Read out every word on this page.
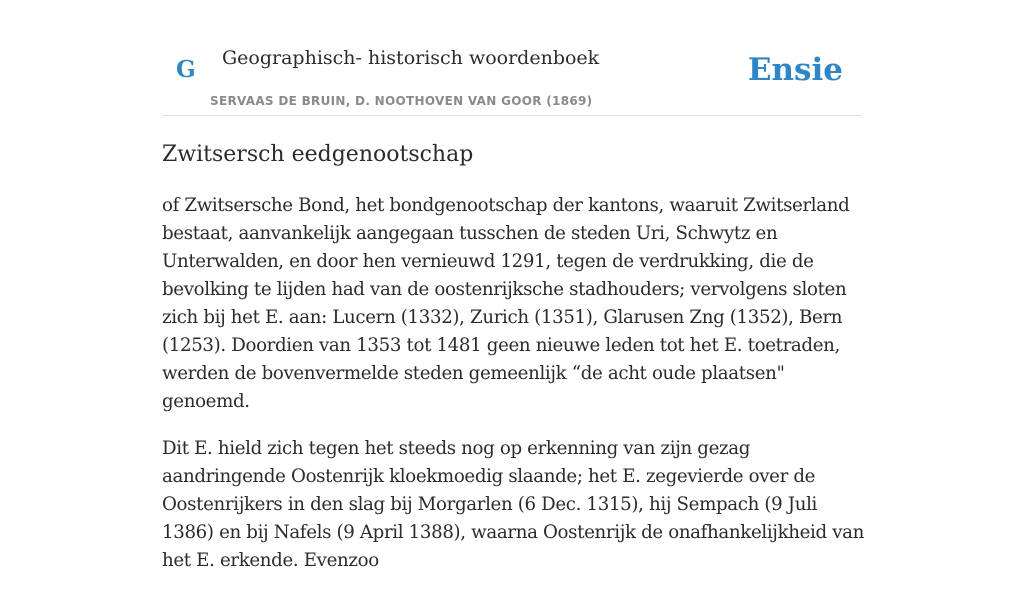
G Geographisch- historisch woordenboek
SERVAAS DE BRUIN, D. NOOTHOVEN VAN GOOR (1869)
Ensie
Zwitsersch eedgenootschap

of Zwitsersche Bond, het bondgenootschap der kantons, waaruit Zwitserland bestaat, aanvankelijk aangegaan tusschen de steden Uri, Schwytz en Unterwalden, en door hen vernieuwd 1291, tegen de verdrukking, die de bevolking te lijden had van de oostenrijksche stadhouders; vervolgens sloten zich bij het E. aan: Lucern (1332), Zurich (1351), Glarusen Zng (1352), Bern (1253). Doordien van 1353 tot 1481 geen nieuwe leden tot het E. toetraden, werden de bovenvermelde steden gemeenlijk “de acht oude plaatsen" genoemd.

Dit E. hield zich tegen het steeds nog op erkenning van zijn gezag aandringende Oostenrijk kloekmoedig slaande; het E. zegevierde over de Oostenrijkers in den slag bij Morgarlen (6 Dec. 1315), hij Sempach (9 Juli 1386) en bij Nafels (9 April 1388), waarna Oostenrijk de onafhankelijkheid van het E. erkende. Evenzoo
